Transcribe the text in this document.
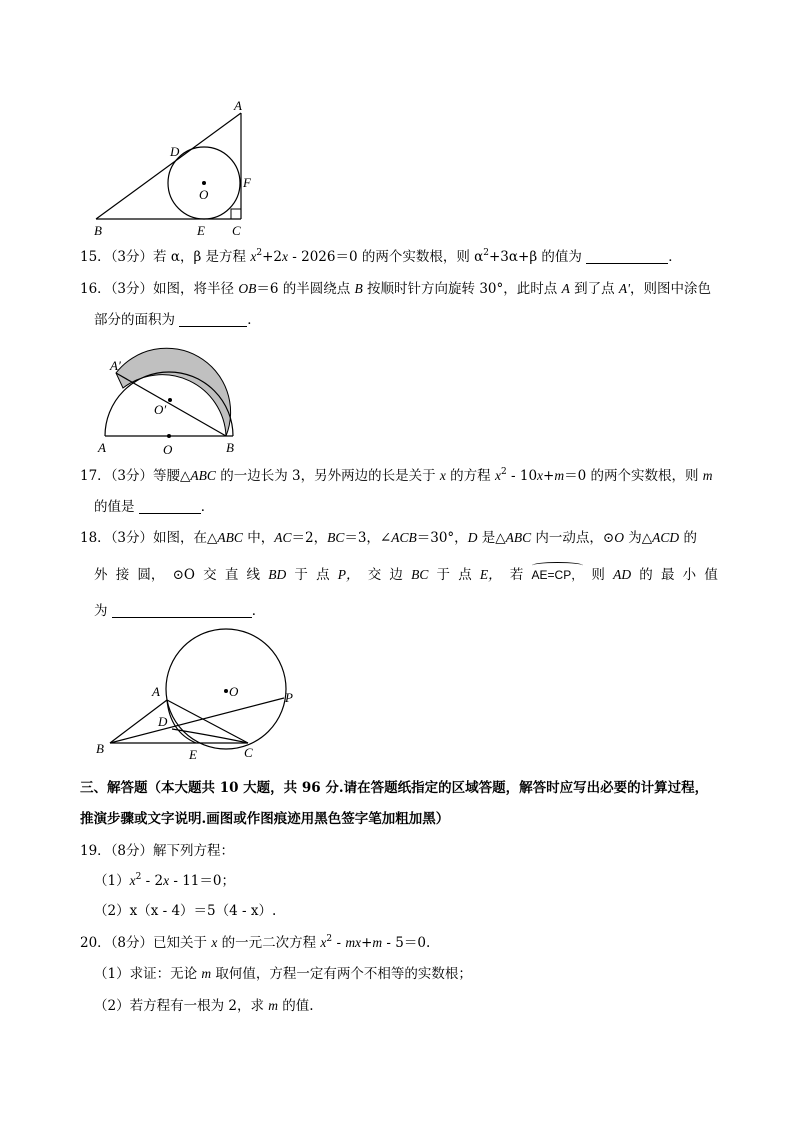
A
D
F
O
B	E C
15．（3分）若 α，β 是方程 $x^2+2x - 2026=0$ 的两个实数根，则 $\alpha^2+3\alpha+\beta$ 的值为	．
16．（3分）如图，将半径 OB＝6 的半圆绕点 B 按顺时针方向旋转 30°，此时点 A 到了点 A'，则图中涂色
部分的面积为	．
A′
O′
A	O	B
17．（3分）等腰△ABC 的一边长为 3，另外两边的长是关于 x 的方程 $x^2 - 10x+m=0$ 的两个实数根，则 m
的值是	．
18．（3分）如图，在△ABC 中，AC＝2，BC＝3，∠ACB＝30°，D 是△ABC 内一动点，⊙O 为△ACD 的
外 接 圆， ⊙O 交 直 线 BD 于 点 P， 交 边 BC 于 点 E， 若 AE=CP， 则 AD 的 最 小 值
为	．
A	O	P
D
B	E	C
三、解答题（本大题共 10 大题，共 96 分.请在答题纸指定的区域答题，解答时应写出必要的计算过程，
推演步骤或文字说明.画图或作图痕迹用黑色签字笔加粗加黑）
19．（8分）解下列方程：
$(1)x^2 - 2x - 11=0$；
（2）x（x - 4）＝5（4 - x）.
20．（8分）已知关于 x 的一元二次方程 $x^2 - mx+m - 5=0$.
（1）求证：无论 m 取何值，方程一定有两个不相等的实数根；
（2）若方程有一根为 2，求 m 的值.
